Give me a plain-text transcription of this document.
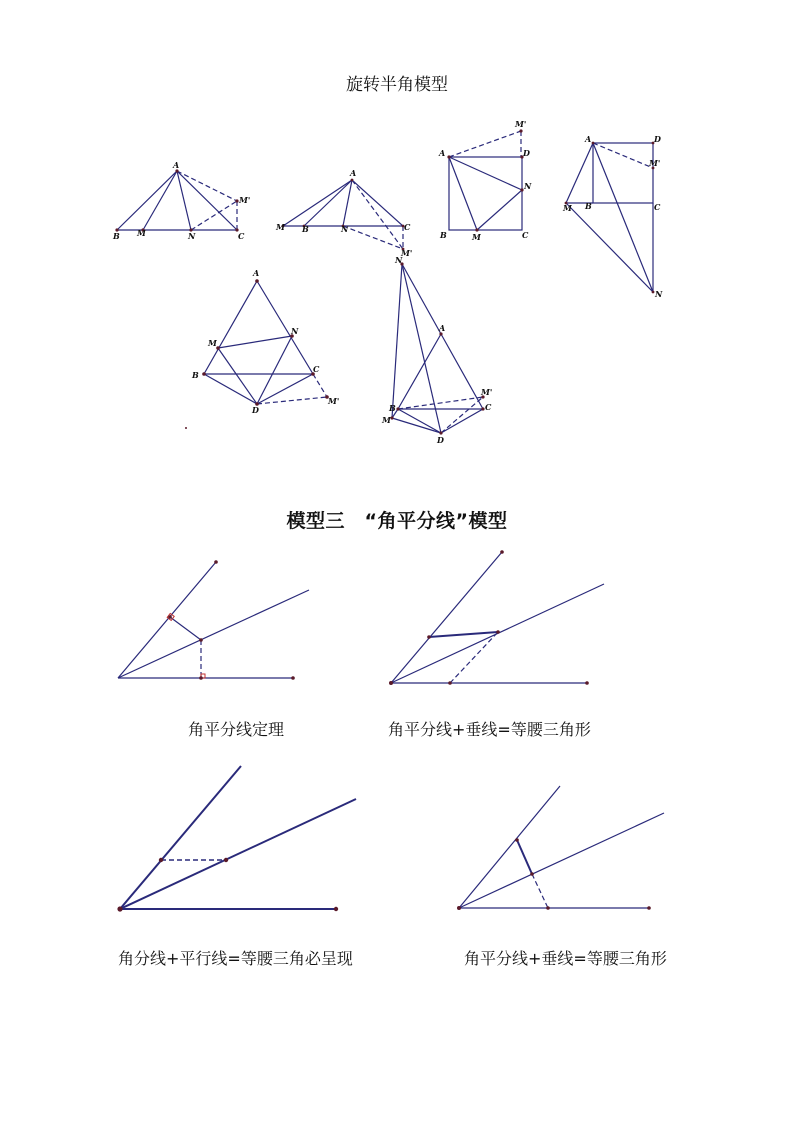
旋转半角模型
A
B	C
M	N
M'
A
M B	N	C
M'
A	D
N
B	M	C
M'
A	D
M'
M B	C
N
A
M
N
B
C
D
M'
N
A
B	C
M'
M
D
模型三　“角平分线”模型
角平分线定理	角平分线+垂线=等腰三角形
角分线+平行线=等腰三角必呈现	角平分线+垂线=等腰三角形
